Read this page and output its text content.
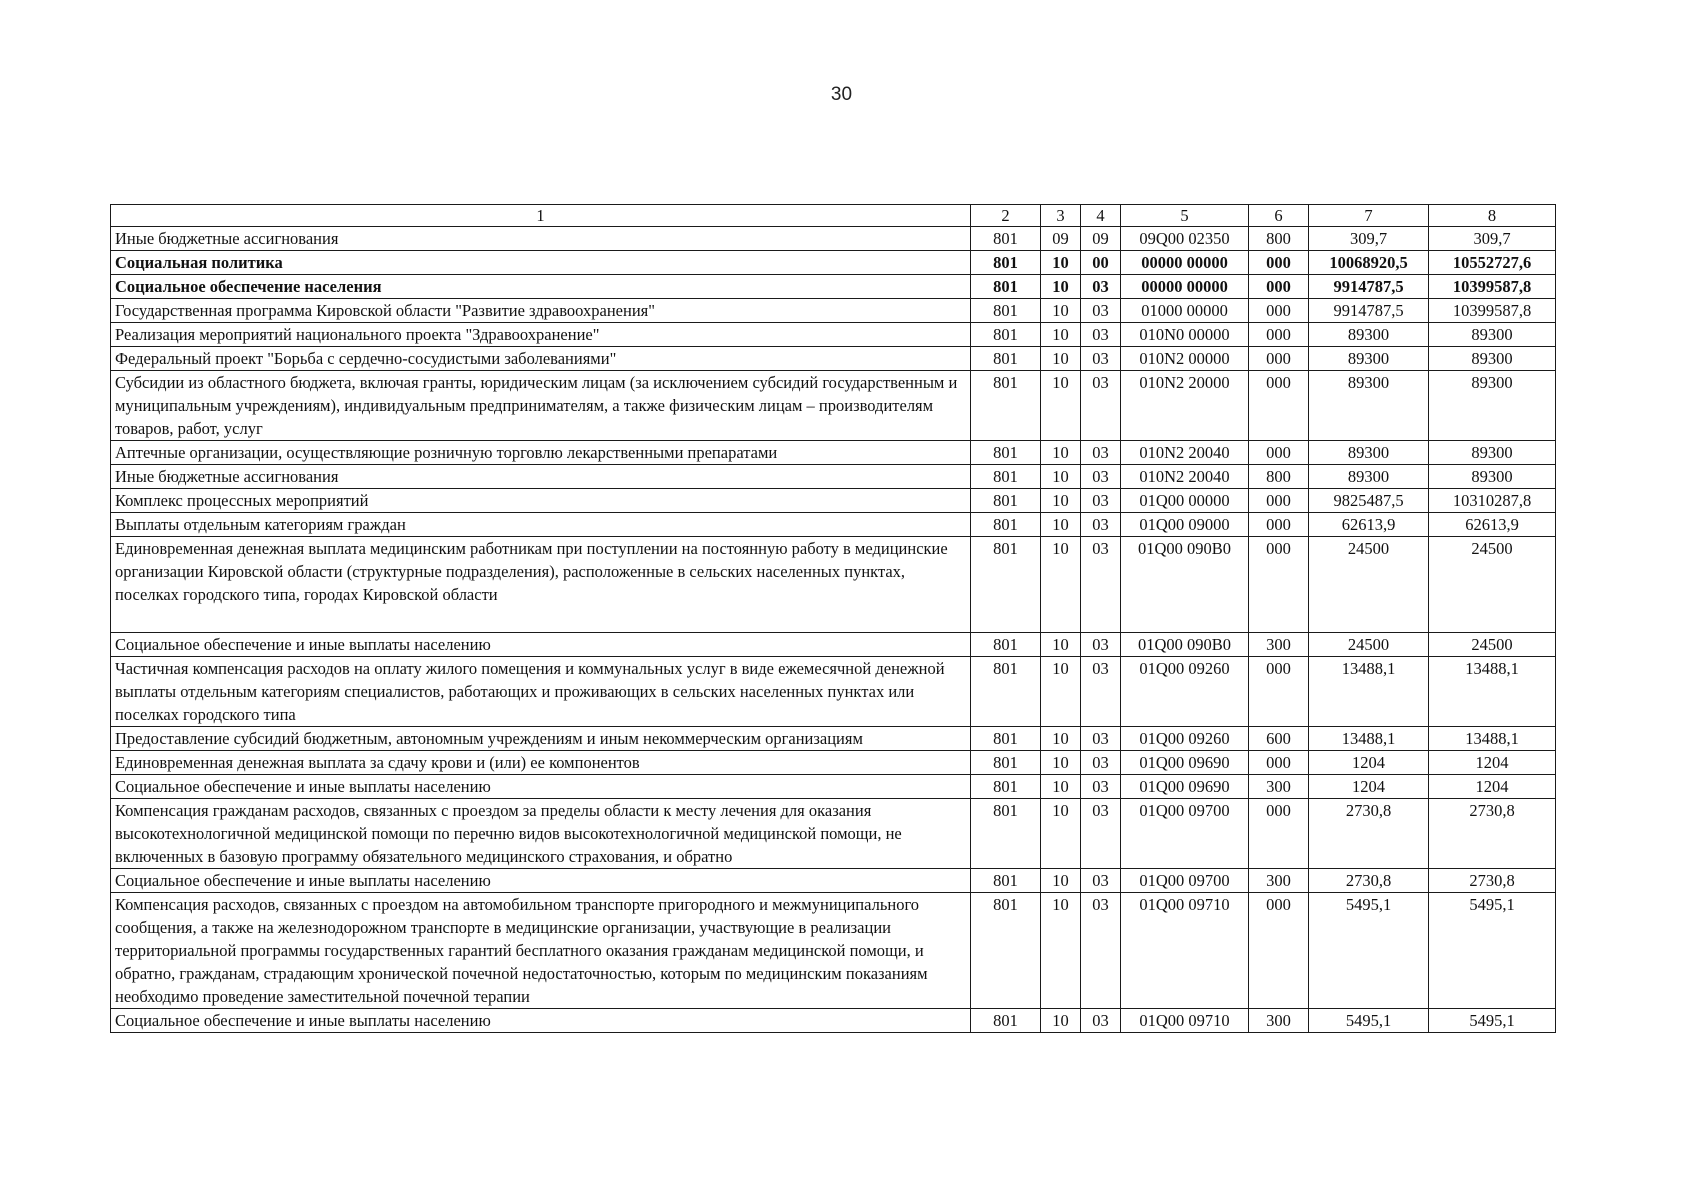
30
1	2	3	4	5	6	7	8
Иные бюджетные ассигнования	801	09	09	09Q00 02350	800	309,7	309,7
Социальная политика	801	10	00	00000 00000	000	10068920,5	10552727,6
Социальное обеспечение населения	801	10	03	00000 00000	000	9914787,5	10399587,8
Государственная программа Кировской области "Развитие здравоохранения"	801	10	03	01000 00000	000	9914787,5	10399587,8
Реализация мероприятий национального проекта "Здравоохранение"	801	10	03	010N0 00000	000	89300	89300
Федеральный проект "Борьба с сердечно-сосудистыми заболеваниями"	801	10	03	010N2 00000	000	89300	89300
Субсидии из областного бюджета, включая гранты, юридическим лицам (за исключением субсидий государственным и муниципальным учреждениям), индивидуальным предпринимателям, а также физическим лицам – производителям товаров, работ, услуг	801	10	03	010N2 20000	000	89300	89300
Аптечные организации, осуществляющие розничную торговлю лекарственными препаратами	801	10	03	010N2 20040	000	89300	89300
Иные бюджетные ассигнования	801	10	03	010N2 20040	800	89300	89300
Комплекс процессных мероприятий	801	10	03	01Q00 00000	000	9825487,5	10310287,8
Выплаты отдельным категориям граждан	801	10	03	01Q00 09000	000	62613,9	62613,9
Единовременная денежная выплата медицинским работникам при поступлении на постоянную работу в медицинские организации Кировской области (структурные подразделения), расположенные в сельских населенных пунктах, поселках городского типа, городах Кировской области	801	10	03	01Q00 090B0	000	24500	24500
Социальное обеспечение и иные выплаты населению	801	10	03	01Q00 090B0	300	24500	24500
Частичная компенсация расходов на оплату жилого помещения и коммунальных услуг в виде ежемесячной денежной выплаты отдельным категориям специалистов, работающих и проживающих в сельских населенных пунктах или поселках городского типа	801	10	03	01Q00 09260	000	13488,1	13488,1
Предоставление субсидий бюджетным, автономным учреждениям и иным некоммерческим организациям	801	10	03	01Q00 09260	600	13488,1	13488,1
Единовременная денежная выплата за сдачу крови и (или) ее компонентов	801	10	03	01Q00 09690	000	1204	1204
Социальное обеспечение и иные выплаты населению	801	10	03	01Q00 09690	300	1204	1204
Компенсация гражданам расходов, связанных с проездом за пределы области к месту лечения для оказания высокотехнологичной медицинской помощи по перечню видов высокотехнологичной медицинской помощи, не включенных в базовую программу обязательного медицинского страхования, и обратно	801	10	03	01Q00 09700	000	2730,8	2730,8
Социальное обеспечение и иные выплаты населению	801	10	03	01Q00 09700	300	2730,8	2730,8
Компенсация расходов, связанных с проездом на автомобильном транспорте пригородного и межмуниципального сообщения, а также на железнодорожном транспорте в медицинские организации, участвующие в реализации территориальной программы государственных гарантий бесплатного оказания гражданам медицинской помощи, и обратно, гражданам, страдающим хронической почечной недостаточностью, которым по медицинским показаниям необходимо проведение заместительной почечной терапии	801	10	03	01Q00 09710	000	5495,1	5495,1
Социальное обеспечение и иные выплаты населению	801	10	03	01Q00 09710	300	5495,1	5495,1
